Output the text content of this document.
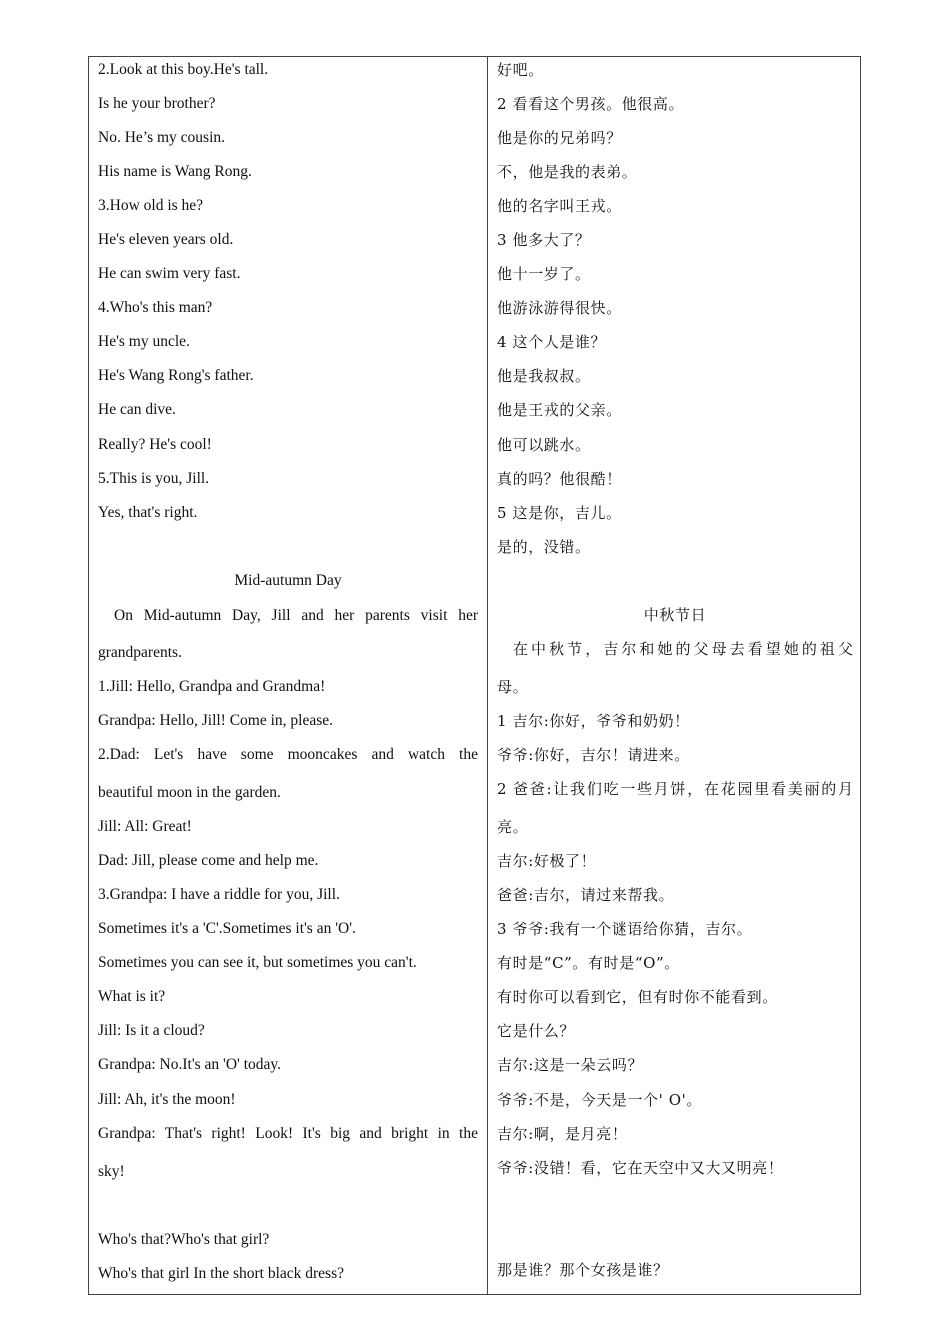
2.Look at this boy.He's tall.
Is he your brother?
No. He’s my cousin.
His name is Wang Rong.
3.How old is he?
He's eleven years old.
He can swim very fast.
4.Who's this man?
He's my uncle.
He's Wang Rong's father.
He can dive.
Really? He's cool!
5.This is you, Jill.
Yes, that's right.
Mid-autumn Day
On Mid-autumn Day, Jill and her parents visit her
grandparents.
1.Jill: Hello, Grandpa and Grandma!
Grandpa: Hello, Jill! Come in, please.
2.Dad: Let's have some mooncakes and watch the
beautiful moon in the garden.
Jill: All: Great!
Dad: Jill, please come and help me.
3.Grandpa: I have a riddle for you, Jill.
Sometimes it's a 'C'.Sometimes it's an 'O'.
Sometimes you can see it, but sometimes you can't.
What is it?
Jill: Is it a cloud?
Grandpa: No.It's an 'O' today.
Jill: Ah, it's the moon!
Grandpa: That's right! Look! It's big and bright in the
sky!
Who's that?Who's that girl?
Who's that girl In the short black dress?
好吧。
2 看看这个男孩。他很高。
他是你的兄弟吗？
不，他是我的表弟。
他的名字叫王戎。
3 他多大了？
他十一岁了。
他游泳游得很快。
4 这个人是谁？
他是我叔叔。
他是王戎的父亲。
他可以跳水。
真的吗？他很酷！
5 这是你，吉儿。
是的，没错。
中秋节日
在中秋节，吉尔和她的父母去看望她的祖父
母。
1 吉尔:你好，爷爷和奶奶！
爷爷:你好，吉尔！请进来。
2 爸爸:让我们吃一些月饼，在花园里看美丽的月
亮。
吉尔:好极了！
爸爸:吉尔，请过来帮我。
3 爷爷:我有一个谜语给你猜，吉尔。
有时是“C”。有时是“O”。
有时你可以看到它，但有时你不能看到。
它是什么？
吉尔:这是一朵云吗？
爷爷:不是，今天是一个' O'。
吉尔:啊，是月亮！
爷爷:没错！看，它在天空中又大又明亮！
那是谁？那个女孩是谁？
